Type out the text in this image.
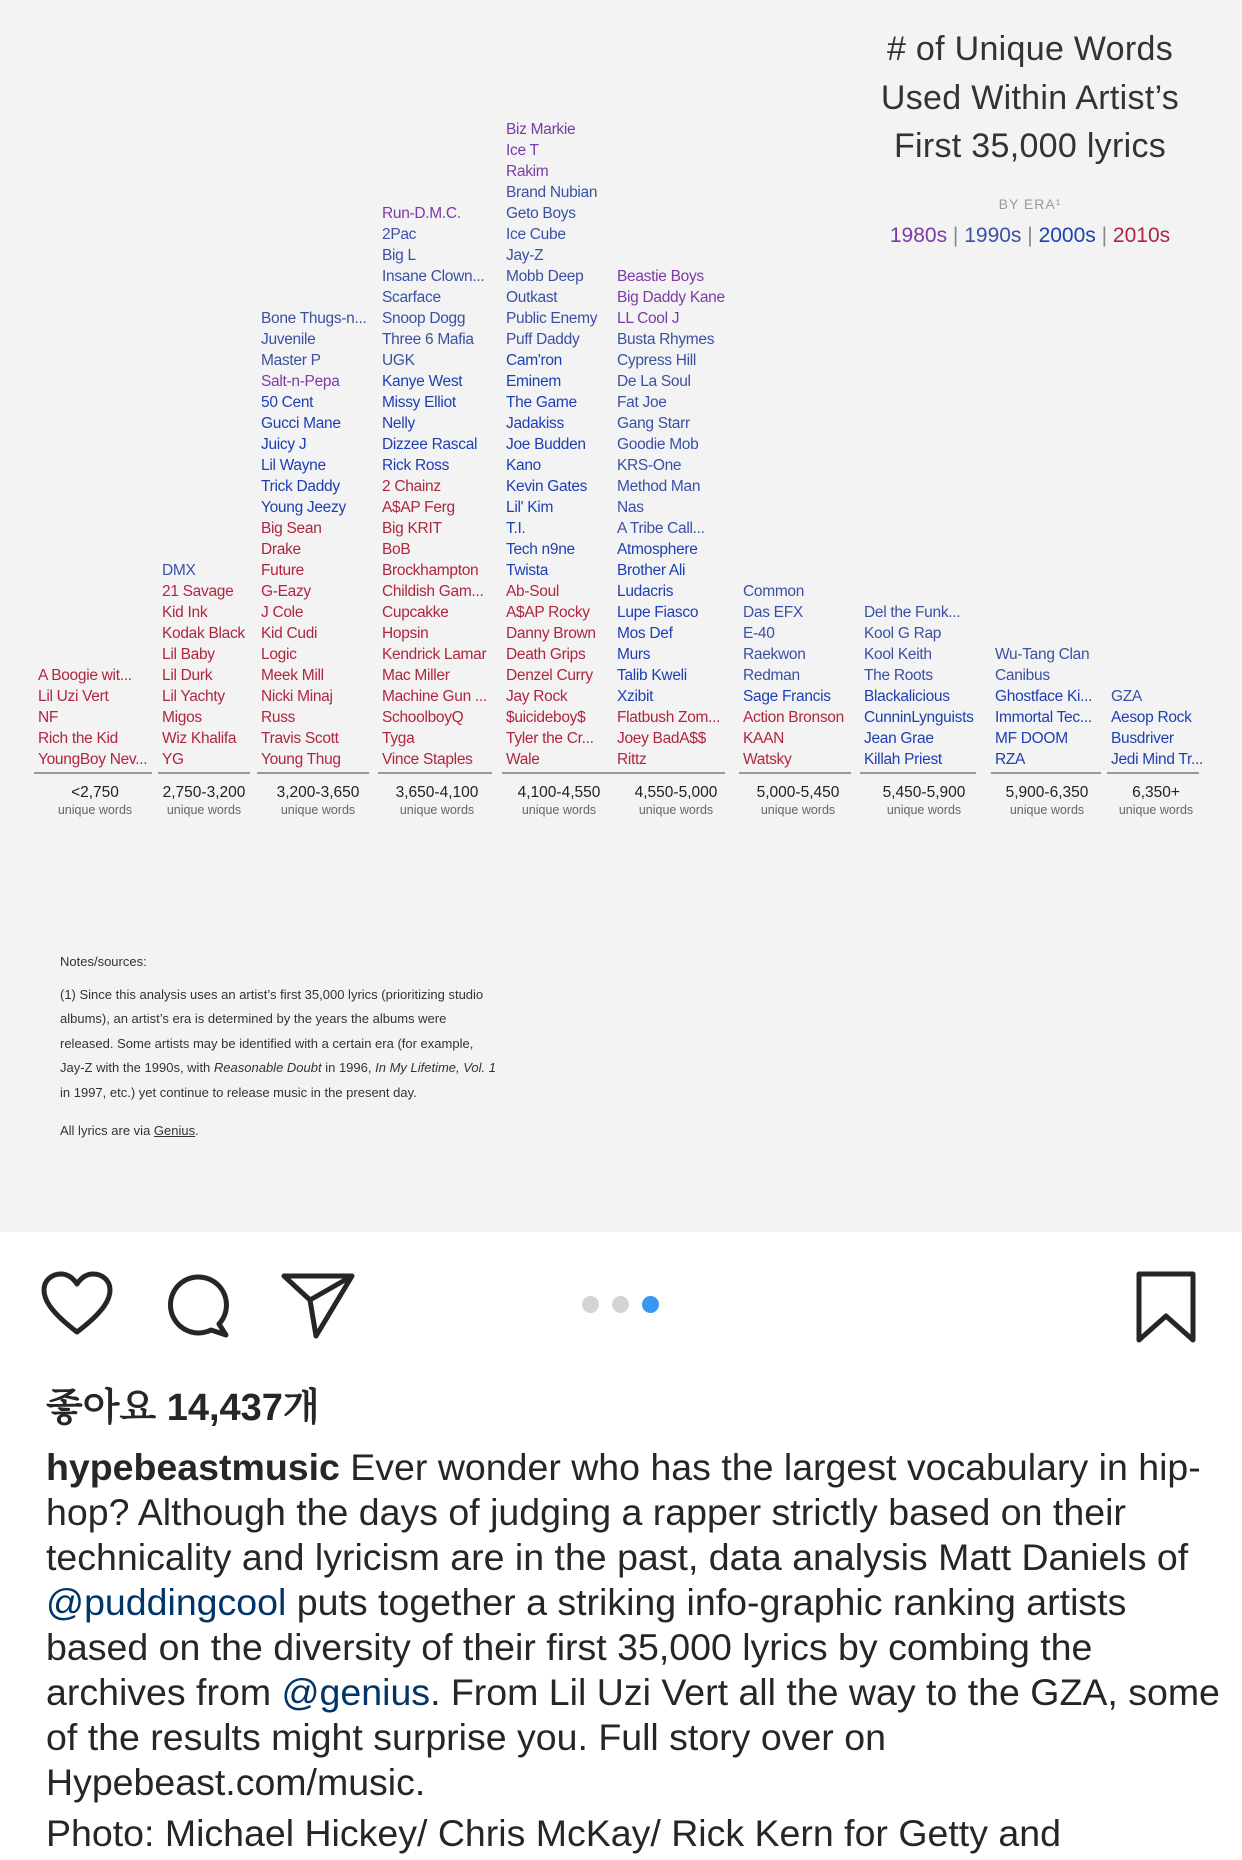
# of Unique Words
Used Within Artist’s
First 35,000 lyrics
BY ERA¹
1980s | 1990s | 2000s | 2010s
A Boogie wit...
Lil Uzi Vert
NF
Rich the Kid
YoungBoy Nev...
DMX
21 Savage
Kid Ink
Kodak Black
Lil Baby
Lil Durk
Lil Yachty
Migos
Wiz Khalifa
YG
Bone Thugs-n...
Juvenile
Master P
Salt-n-Pepa
50 Cent
Gucci Mane
Juicy J
Lil Wayne
Trick Daddy
Young Jeezy
Big Sean
Drake
Future
G-Eazy
J Cole
Kid Cudi
Logic
Meek Mill
Nicki Minaj
Russ
Travis Scott
Young Thug
Run-D.M.C.
2Pac
Big L
Insane Clown...
Scarface
Snoop Dogg
Three 6 Mafia
UGK
Kanye West
Missy Elliot
Nelly
Dizzee Rascal
Rick Ross
2 Chainz
A$AP Ferg
Big KRIT
BoB
Brockhampton
Childish Gam...
Cupcakke
Hopsin
Kendrick Lamar
Mac Miller
Machine Gun ...
SchoolboyQ
Tyga
Vince Staples
Biz Markie
Ice T
Rakim
Brand Nubian
Geto Boys
Ice Cube
Jay-Z
Mobb Deep
Outkast
Public Enemy
Puff Daddy
Cam'ron
Eminem
The Game
Jadakiss
Joe Budden
Kano
Kevin Gates
Lil' Kim
T.I.
Tech n9ne
Twista
Ab-Soul
A$AP Rocky
Danny Brown
Death Grips
Denzel Curry
Jay Rock
$uicideboy$
Tyler the Cr...
Wale
Beastie Boys
Big Daddy Kane
LL Cool J
Busta Rhymes
Cypress Hill
De La Soul
Fat Joe
Gang Starr
Goodie Mob
KRS-One
Method Man
Nas
A Tribe Call...
Atmosphere
Brother Ali
Ludacris
Lupe Fiasco
Mos Def
Murs
Talib Kweli
Xzibit
Flatbush Zom...
Joey BadA$$
Rittz
Common
Das EFX
E-40
Raekwon
Redman
Sage Francis
Action Bronson
KAAN
Watsky
Del the Funk...
Kool G Rap
Kool Keith
The Roots
Blackalicious
CunninLynguists
Jean Grae
Killah Priest
Wu-Tang Clan
Canibus
Ghostface Ki...
Immortal Tec...
MF DOOM
RZA
GZA
Aesop Rock
Busdriver
Jedi Mind Tr...
Notes/sources:
(1) Since this analysis uses an artist’s first 35,000 lyrics (prioritizing studio albums), an artist’s era is determined by the years the albums were released. Some artists may be identified with a certain era (for example, Jay-Z with the 1990s, with Reasonable Doubt in 1996, In My Lifetime, Vol. 1 in 1997, etc.) yet continue to release music in the present day.
All lyrics are via Genius.
<2,750
unique words
2,750-3,200
unique words
3,200-3,650
unique words
3,650-4,100
unique words
4,100-4,550
unique words
4,550-5,000
unique words
5,000-5,450
unique words
5,450-5,900
unique words
5,900-6,350
unique words
6,350+
unique words
좋아요 14,437개
hypebeastmusic Ever wonder who has the largest vocabulary in hip-hop? Although the days of judging a rapper strictly based on their technicality and lyricism are in the past, data analysis Matt Daniels of @puddingcool puts together a striking info-graphic ranking artists based on the diversity of their first 35,000 lyrics by combing the archives from @genius. From Lil Uzi Vert all the way to the GZA, some of the results might surprise you. Full story over on Hypebeast.com/music.
Photo: Michael Hickey/ Chris McKay/ Rick Kern for Getty and
